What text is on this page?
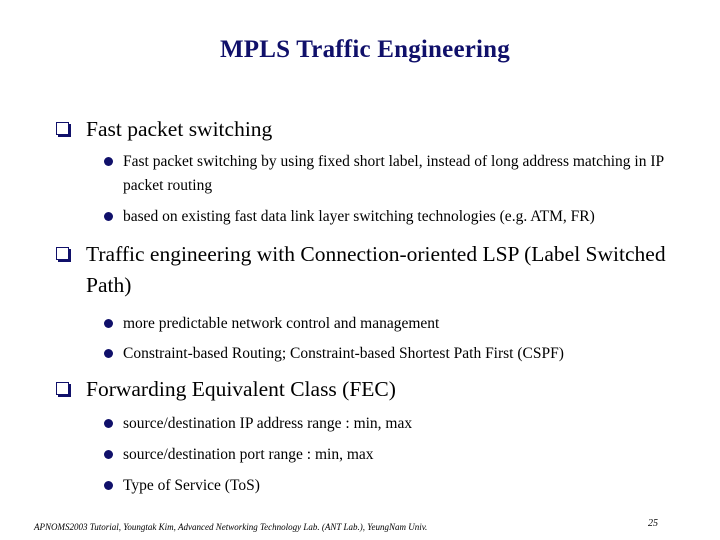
MPLS Traffic Engineering
Fast packet switching
Fast packet switching by using fixed short label, instead of long address matching in IP packet routing
based on existing fast data link layer switching technologies (e.g. ATM, FR)
Traffic engineering with Connection-oriented LSP (Label Switched Path)
more predictable network control and management
Constraint-based Routing; Constraint-based Shortest Path First (CSPF)
Forwarding Equivalent Class (FEC)
source/destination IP address range : min, max
source/destination port range : min, max
Type of Service (ToS)
APNOMS2003 Tutorial, Youngtak Kim, Advanced Networking Technology Lab. (ANT Lab.), YeungNam Univ.	25
